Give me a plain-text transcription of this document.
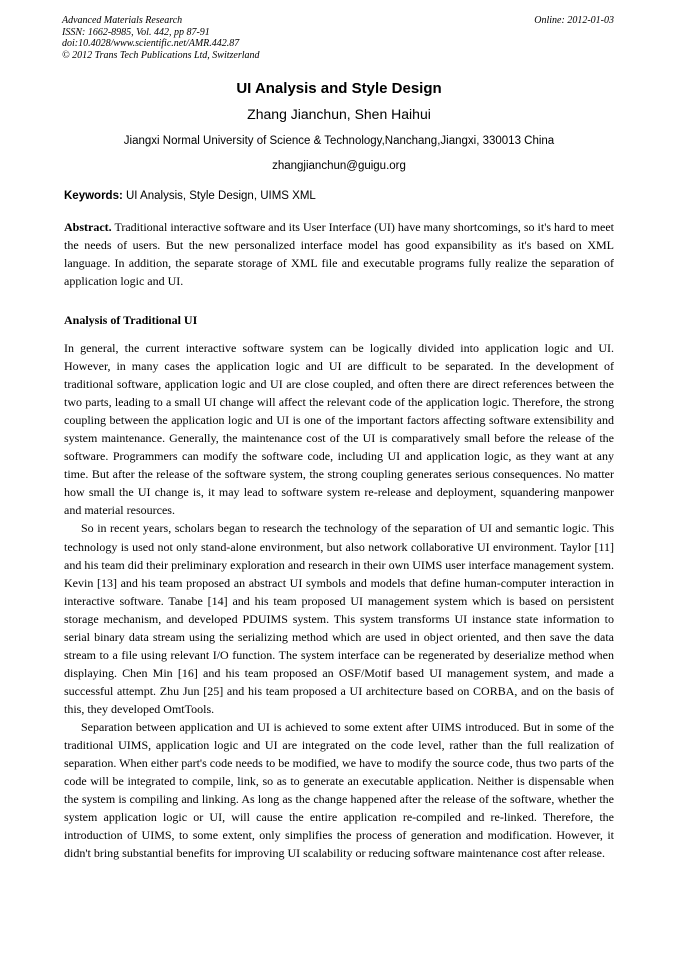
Advanced Materials Research
ISSN: 1662-8985, Vol. 442, pp 87-91
doi:10.4028/www.scientific.net/AMR.442.87
© 2012 Trans Tech Publications Ltd, Switzerland
Online: 2012-01-03
UI Analysis and Style Design
Zhang Jianchun, Shen Haihui
Jiangxi Normal University of Science & Technology,Nanchang,Jiangxi, 330013 China
zhangjianchun@guigu.org
Keywords: UI Analysis, Style Design, UIMS XML

Abstract. Traditional interactive software and its User Interface (UI) have many shortcomings, so it's hard to meet the needs of users. But the new personalized interface model has good expansibility as it's based on XML language. In addition, the separate storage of XML file and executable programs fully realize the separation of application logic and UI.

Analysis of Traditional UI

In general, the current interactive software system can be logically divided into application logic and UI. However, in many cases the application logic and UI are difficult to be separated. In the development of traditional software, application logic and UI are close coupled, and often there are direct references between the two parts, leading to a small UI change will affect the relevant code of the application logic. Therefore, the strong coupling between the application logic and UI is one of the important factors affecting software extensibility and system maintenance. Generally, the maintenance cost of the UI is comparatively small before the release of the software. Programmers can modify the software code, including UI and application logic, as they want at any time. But after the release of the software system, the strong coupling generates serious consequences. No matter how small the UI change is, it may lead to software system re-release and deployment, squandering manpower and material resources.

So in recent years, scholars began to research the technology of the separation of UI and semantic logic. This technology is used not only stand-alone environment, but also network collaborative UI environment. Taylor [11] and his team did their preliminary exploration and research in their own UIMS user interface management system. Kevin [13] and his team proposed an abstract UI symbols and models that define human-computer interaction in interactive software. Tanabe [14] and his team proposed UI management system which is based on persistent storage mechanism, and developed PDUIMS system. This system transforms UI instance state information to serial binary data stream using the serializing method which are used in object oriented, and then save the data stream to a file using relevant I/O function. The system interface can be regenerated by deserialize method when displaying. Chen Min [16] and his team proposed an OSF/Motif based UI management system, and made a successful attempt. Zhu Jun [25] and his team proposed a UI architecture based on CORBA, and on the basis of this, they developed OmtTools.

Separation between application and UI is achieved to some extent after UIMS introduced. But in some of the traditional UIMS, application logic and UI are integrated on the code level, rather than the full realization of separation. When either part's code needs to be modified, we have to modify the source code, thus two parts of the code will be integrated to compile, link, so as to generate an executable application. Neither is dispensable when the system is compiling and linking. As long as the change happened after the release of the software, whether the system application logic or UI, will cause the entire application re-compiled and re-linked. Therefore, the introduction of UIMS, to some extent, only simplifies the process of generation and modification. However, it didn't bring substantial benefits for improving UI scalability or reducing software maintenance cost after release.
